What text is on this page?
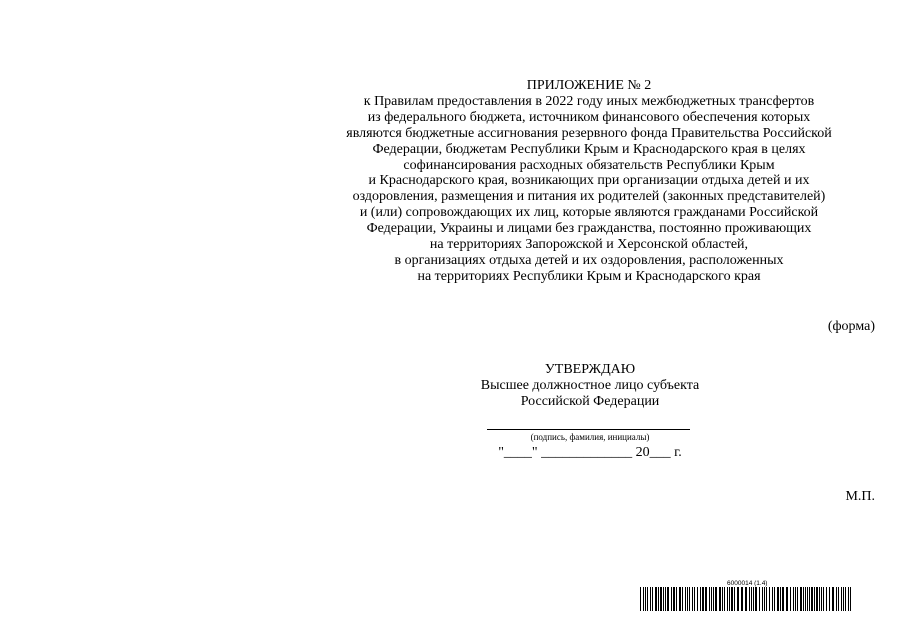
ПРИЛОЖЕНИЕ № 2
к Правилам предоставления в 2022 году иных межбюджетных трансфертов
из федерального бюджета, источником финансового обеспечения которых
являются бюджетные ассигнования резервного фонда Правительства Российской
Федерации, бюджетам Республики Крым и Краснодарского края в целях
софинансирования расходных обязательств Республики Крым
и Краснодарского края, возникающих при организации отдыха детей и их
оздоровления, размещения и питания их родителей (законных представителей)
и (или) сопровождающих их лиц, которые являются гражданами Российской
Федерации, Украины и лицами без гражданства, постоянно проживающих
на территориях Запорожской и Херсонской областей,
в организациях отдыха детей и их оздоровления, расположенных
на территориях Республики Крым и Краснодарского края
(форма)
УТВЕРЖДАЮ
Высшее должностное лицо субъекта
Российской Федерации
(подпись, фамилия, инициалы)
"____" _____________ 20___ г.
М.П.
6000014 (1.4)
